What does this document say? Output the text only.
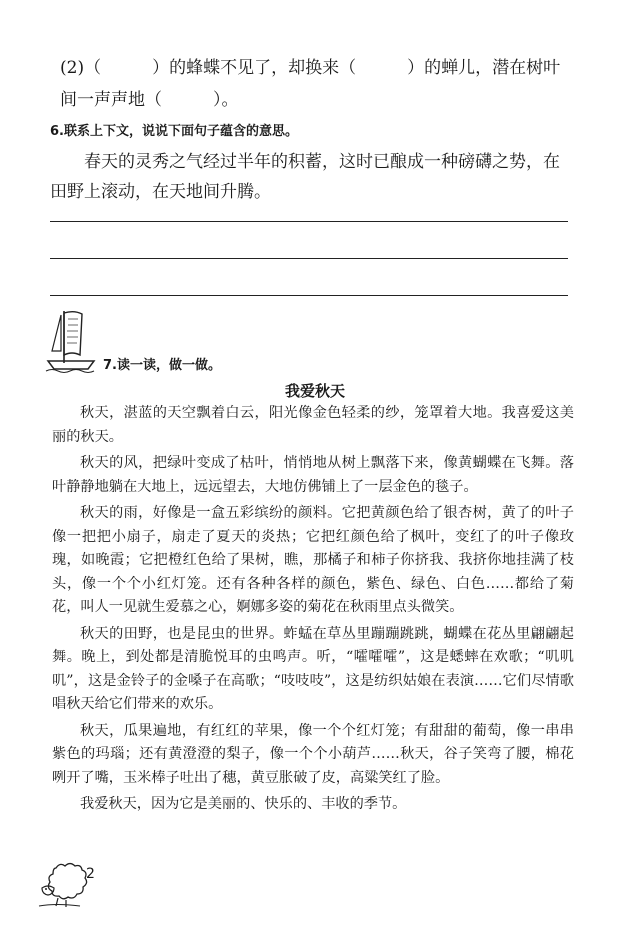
(2)（　　　）的蜂蝶不见了，却换来（　　　）的蝉儿，潜在树叶
间一声声地（　　　）。
6.联系上下文，说说下面句子蕴含的意思。
春天的灵秀之气经过半年的积蓄，这时已酿成一种磅礴之势，在田野上滚动，在天地间升腾。
7.读一读，做一做。
我爱秋天

秋天，湛蓝的天空飘着白云，阳光像金色轻柔的纱，笼罩着大地。我喜爱这美丽的秋天。

秋天的风，把绿叶变成了枯叶，悄悄地从树上飘落下来，像黄蝴蝶在飞舞。落叶静静地躺在大地上，远远望去，大地仿佛铺上了一层金色的毯子。

秋天的雨，好像是一盒五彩缤纷的颜料。它把黄颜色给了银杏树，黄了的叶子像一把把小扇子，扇走了夏天的炎热；它把红颜色给了枫叶，变红了的叶子像玫瑰，如晚霞；它把橙红色给了果树，瞧，那橘子和柿子你挤我、我挤你地挂满了枝头，像一个个小红灯笼。还有各种各样的颜色，紫色、绿色、白色……都给了菊花，叫人一见就生爱慕之心，婀娜多姿的菊花在秋雨里点头微笑。

秋天的田野，也是昆虫的世界。蚱蜢在草丛里蹦蹦跳跳，蝴蝶在花丛里翩翩起舞。晚上，到处都是清脆悦耳的虫鸣声。听，“嚯嚯嚯”，这是蟋蟀在欢歌；“叽叽叽”，这是金铃子的金嗓子在高歌；“吱吱吱”，这是纺织姑娘在表演……它们尽情歌唱秋天给它们带来的欢乐。

秋天，瓜果遍地，有红红的苹果，像一个个红灯笼；有甜甜的葡萄，像一串串紫色的玛瑙；还有黄澄澄的梨子，像一个个小葫芦……秋天，谷子笑弯了腰，棉花咧开了嘴，玉米棒子吐出了穗，黄豆胀破了皮，高粱笑红了脸。

我爱秋天，因为它是美丽的、快乐的、丰收的季节。

2
